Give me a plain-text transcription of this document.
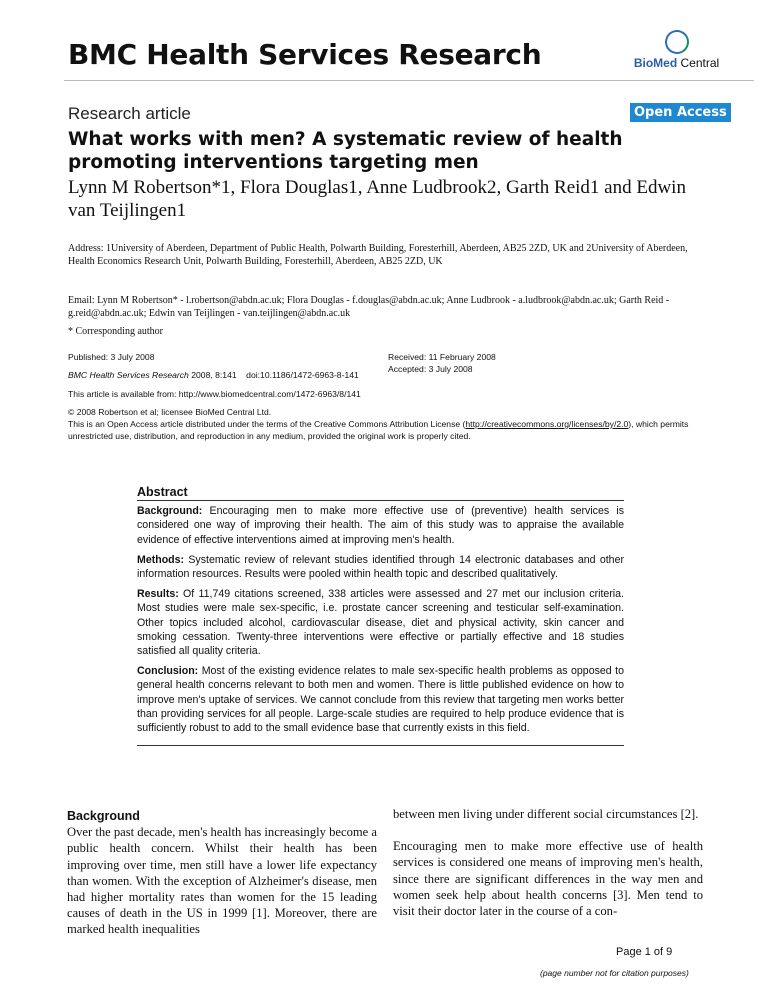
BMC Health Services Research	BioMed Central
Research article	Open Access
What works with men? A systematic review of health promoting interventions targeting men
Lynn M Robertson*1, Flora Douglas1, Anne Ludbrook2, Garth Reid1 and Edwin van Teijlingen1
Address: 1University of Aberdeen, Department of Public Health, Polwarth Building, Foresterhill, Aberdeen, AB25 2ZD, UK and 2University of Aberdeen, Health Economics Research Unit, Polwarth Building, Foresterhill, Aberdeen, AB25 2ZD, UK
Email: Lynn M Robertson* - l.robertson@abdn.ac.uk; Flora Douglas - f.douglas@abdn.ac.uk; Anne Ludbrook - a.ludbrook@abdn.ac.uk; Garth Reid - g.reid@abdn.ac.uk; Edwin van Teijlingen - van.teijlingen@abdn.ac.uk
* Corresponding author
Published: 3 July 2008
BMC Health Services Research 2008, 8:141    doi:10.1186/1472-6963-8-141
Received: 11 February 2008
Accepted: 3 July 2008
This article is available from: http://www.biomedcentral.com/1472-6963/8/141
© 2008 Robertson et al; licensee BioMed Central Ltd.
This is an Open Access article distributed under the terms of the Creative Commons Attribution License (http://creativecommons.org/licenses/by/2.0), which permits unrestricted use, distribution, and reproduction in any medium, provided the original work is properly cited.
Abstract

Background: Encouraging men to make more effective use of (preventive) health services is considered one way of improving their health. The aim of this study was to appraise the available evidence of effective interventions aimed at improving men's health.

Methods: Systematic review of relevant studies identified through 14 electronic databases and other information resources. Results were pooled within health topic and described qualitatively.

Results: Of 11,749 citations screened, 338 articles were assessed and 27 met our inclusion criteria. Most studies were male sex-specific, i.e. prostate cancer screening and testicular self-examination. Other topics included alcohol, cardiovascular disease, diet and physical activity, skin cancer and smoking cessation. Twenty-three interventions were effective or partially effective and 18 studies satisfied all quality criteria.

Conclusion: Most of the existing evidence relates to male sex-specific health problems as opposed to general health concerns relevant to both men and women. There is little published evidence on how to improve men's uptake of services. We cannot conclude from this review that targeting men works better than providing services for all people. Large-scale studies are required to help produce evidence that is sufficiently robust to add to the small evidence base that currently exists in this field.

Background

Over the past decade, men's health has increasingly become a public health concern. Whilst their health has been improving over time, men still have a lower life expectancy than women. With the exception of Alzheimer's disease, men had higher mortality rates than women for the 15 leading causes of death in the US in 1999 [1]. Moreover, there are marked health inequalities

between men living under different social circumstances [2].

Encouraging men to make more effective use of health services is considered one means of improving men's health, since there are significant differences in the way men and women seek help about health concerns [3]. Men tend to visit their doctor later in the course of a con-

Page 1 of 9
(page number not for citation purposes)
